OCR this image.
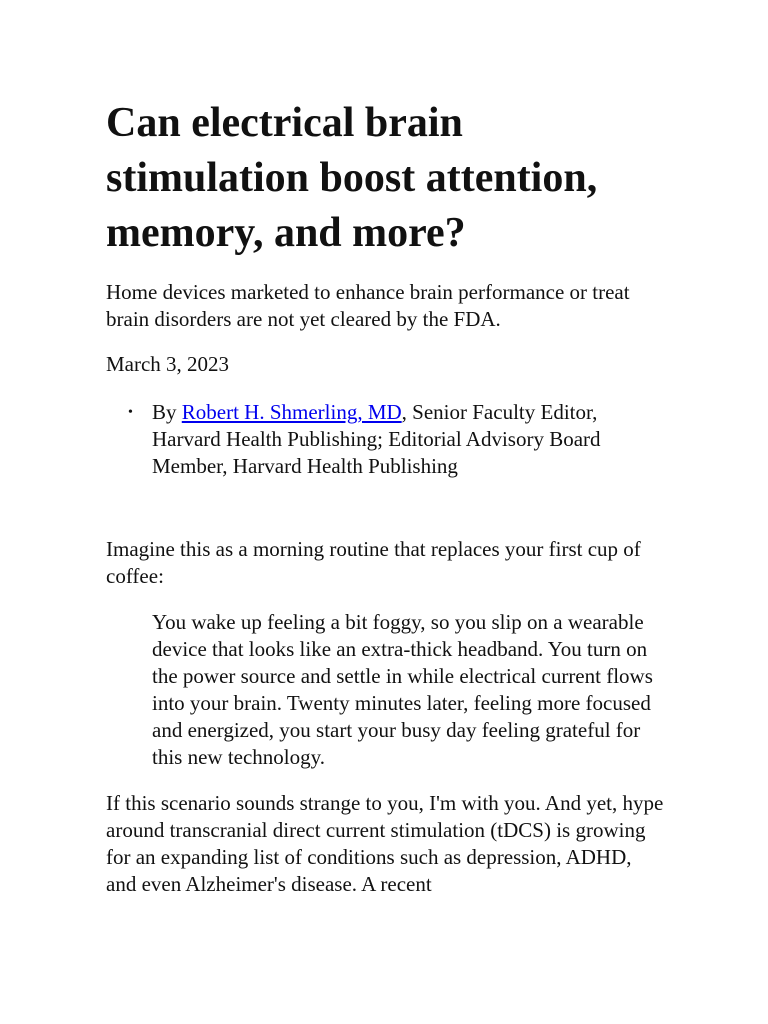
Can electrical brain stimulation boost attention, memory, and more?

Home devices marketed to enhance brain performance or treat brain disorders are not yet cleared by the FDA.

March 3, 2023

• By Robert H. Shmerling, MD, Senior Faculty Editor, Harvard Health Publishing; Editorial Advisory Board Member, Harvard Health Publishing

Imagine this as a morning routine that replaces your first cup of coffee:

You wake up feeling a bit foggy, so you slip on a wearable device that looks like an extra-thick headband. You turn on the power source and settle in while electrical current flows into your brain. Twenty minutes later, feeling more focused and energized, you start your busy day feeling grateful for this new technology.

If this scenario sounds strange to you, I'm with you. And yet, hype around transcranial direct current stimulation (tDCS) is growing for an expanding list of conditions such as depression, ADHD, and even Alzheimer's disease. A recent
